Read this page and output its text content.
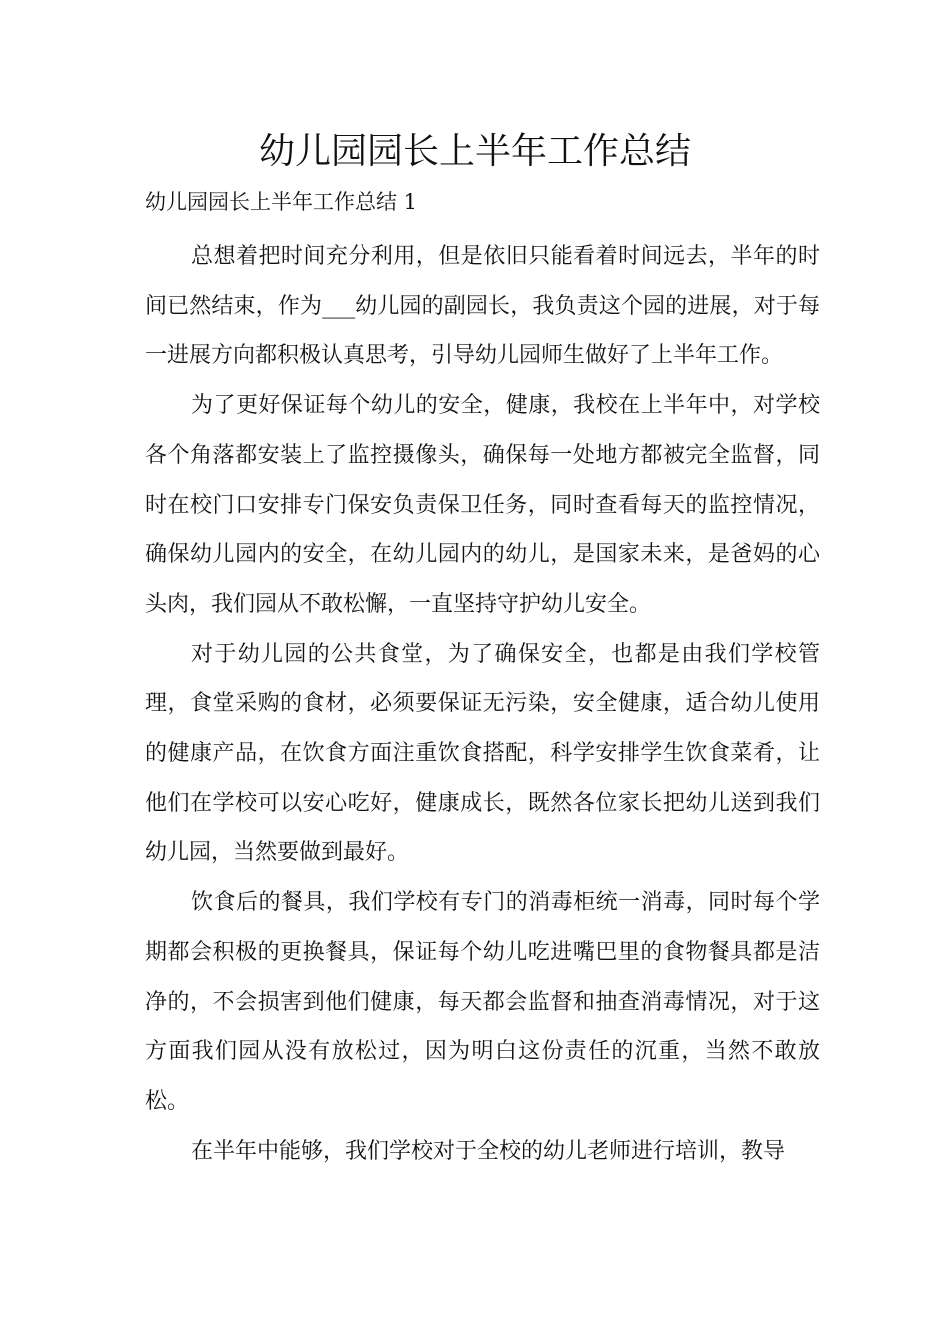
幼儿园园长上半年工作总结

幼儿园园长上半年工作总结 1

总想着把时间充分利用，但是依旧只能看着时间远去，半年的时间已然结束，作为___幼儿园的副园长，我负责这个园的进展，对于每一进展方向都积极认真思考，引导幼儿园师生做好了上半年工作。

为了更好保证每个幼儿的安全，健康，我校在上半年中，对学校各个角落都安装上了监控摄像头，确保每一处地方都被完全监督，同时在校门口安排专门保安负责保卫任务，同时查看每天的监控情况，确保幼儿园内的安全，在幼儿园内的幼儿，是国家未来，是爸妈的心头肉，我们园从不敢松懈，一直坚持守护幼儿安全。

对于幼儿园的公共食堂，为了确保安全，也都是由我们学校管理，食堂采购的食材，必须要保证无污染，安全健康，适合幼儿使用的健康产品，在饮食方面注重饮食搭配，科学安排学生饮食菜肴，让他们在学校可以安心吃好，健康成长，既然各位家长把幼儿送到我们幼儿园，当然要做到最好。

饮食后的餐具，我们学校有专门的消毒柜统一消毒，同时每个学期都会积极的更换餐具，保证每个幼儿吃进嘴巴里的食物餐具都是洁净的，不会损害到他们健康，每天都会监督和抽查消毒情况，对于这方面我们园从没有放松过，因为明白这份责任的沉重，当然不敢放松。

在半年中能够，我们学校对于全校的幼儿老师进行培训，教导
